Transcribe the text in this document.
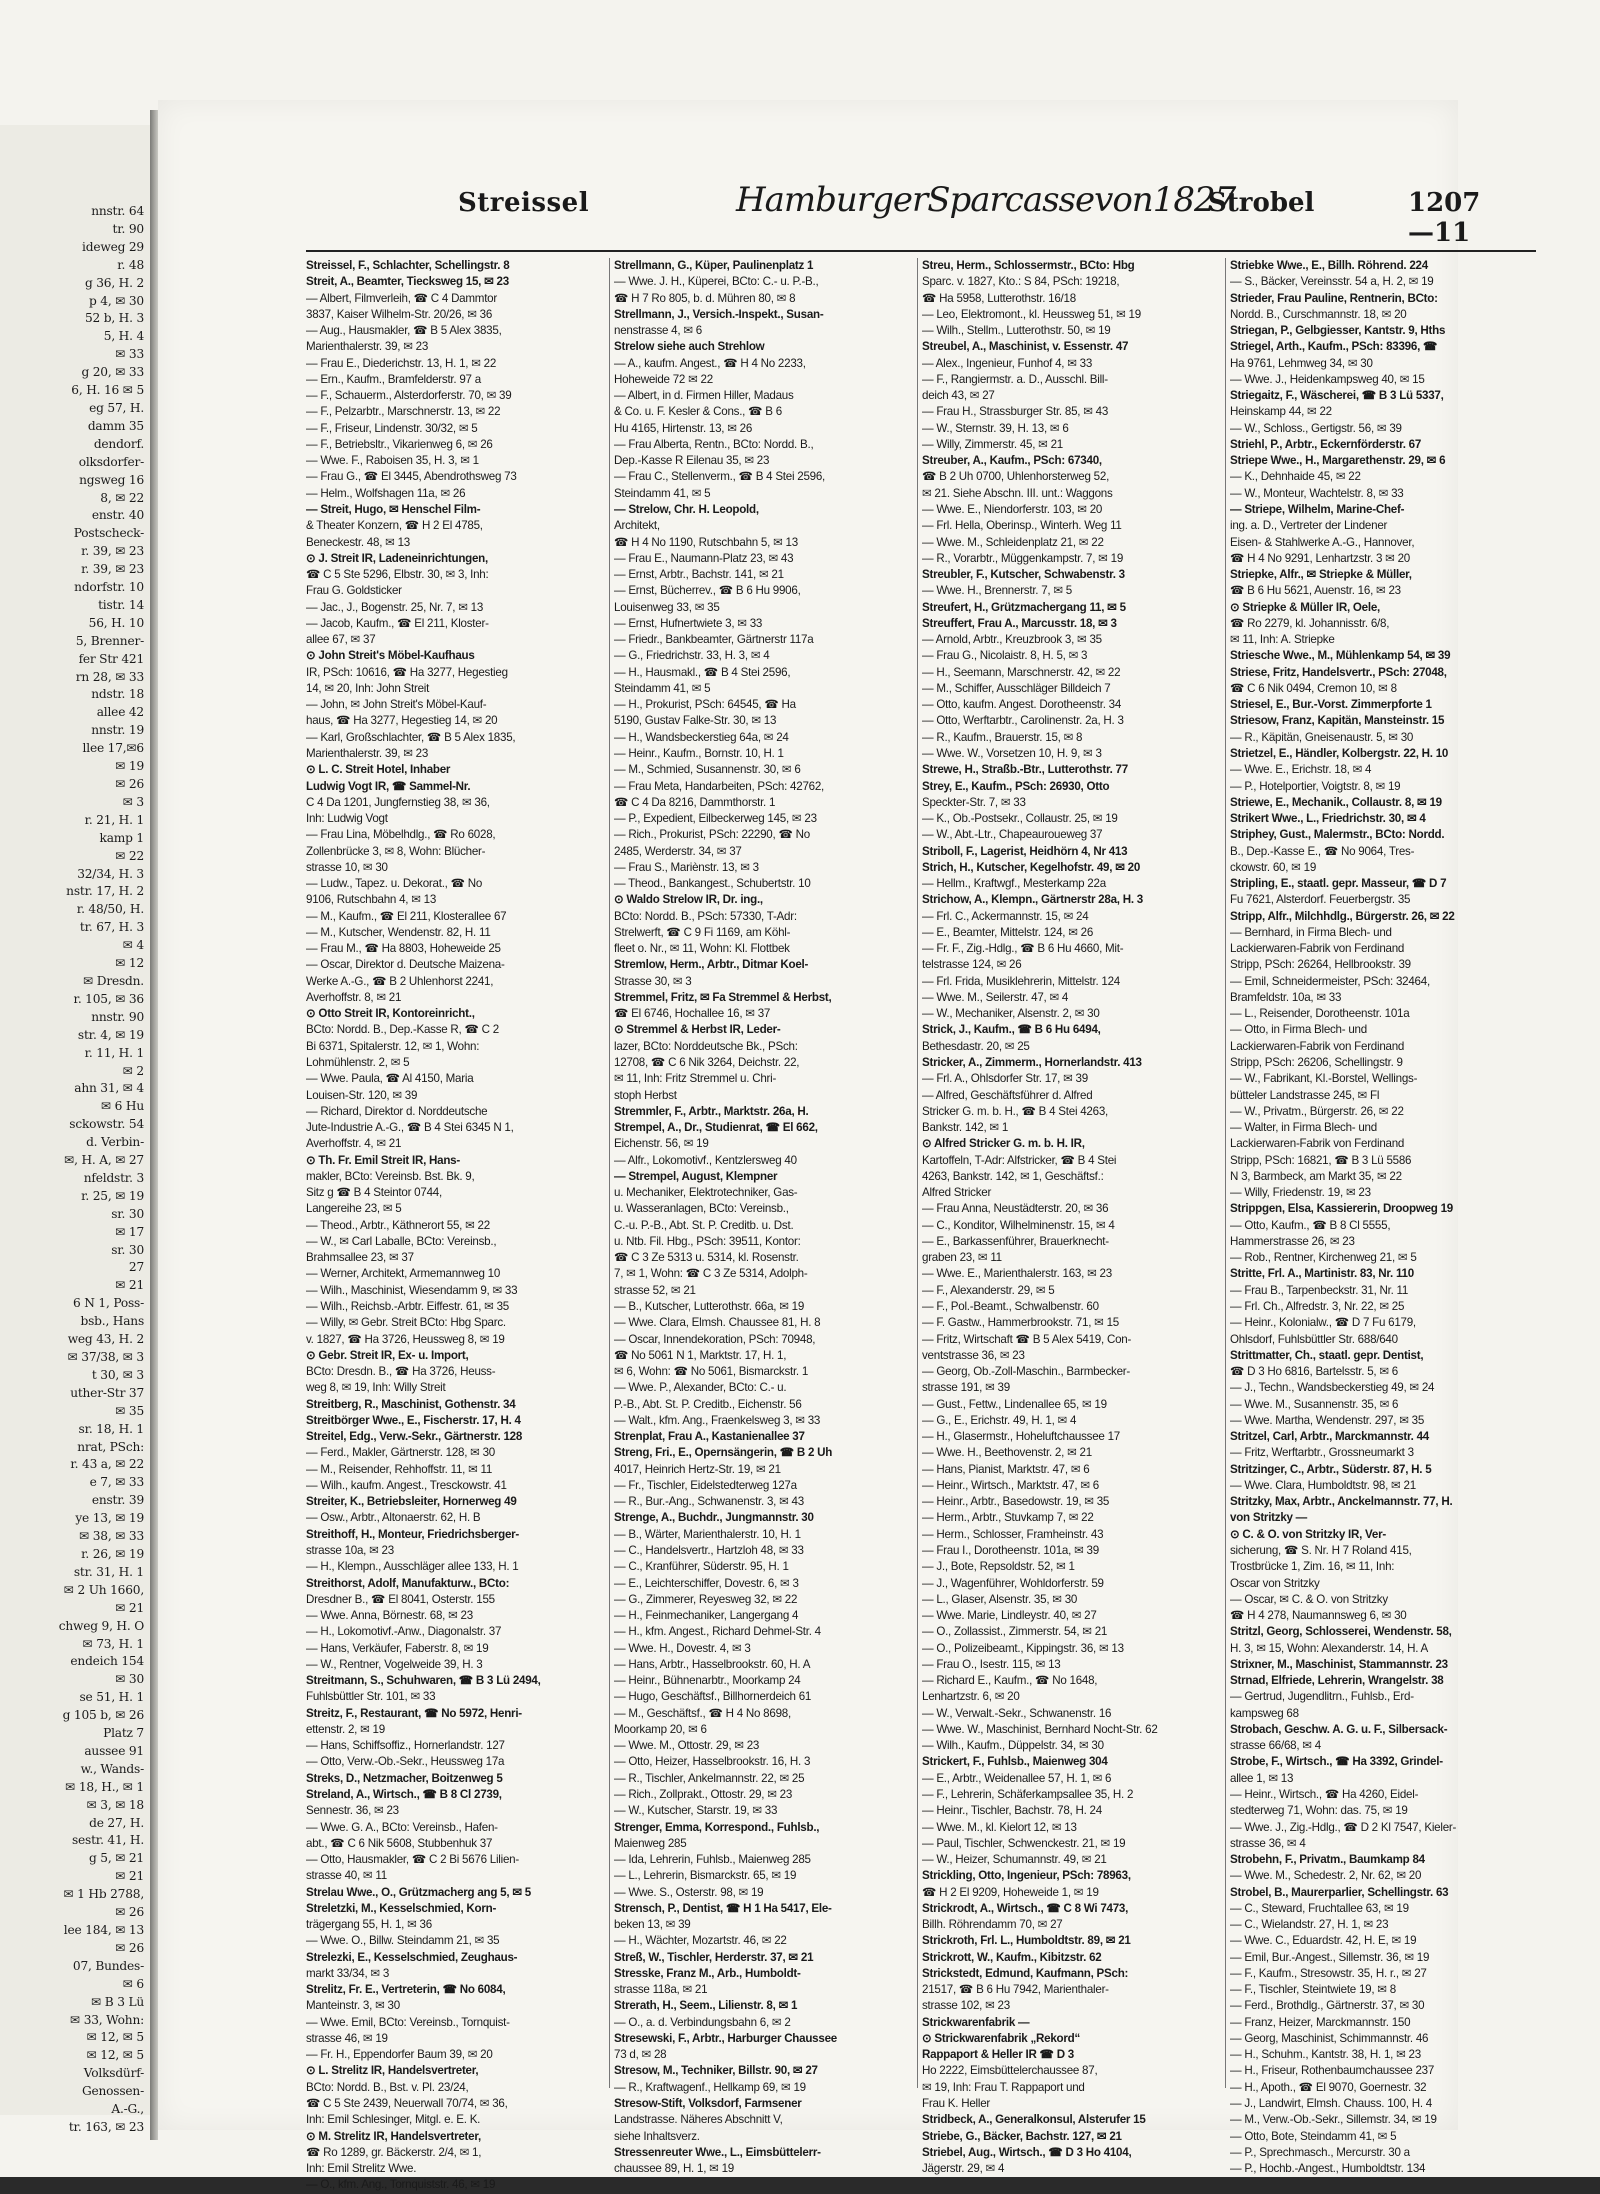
nnstr. 64
tr. 90
ideweg 29
r. 48
g 36, H. 2
p 4, ✉ 30
52 b, H. 3
5, H. 4
✉ 33
g 20, ✉ 33
6, H. 16 ✉ 5
eg 57, H.
damm 35
dendorf.
olksdorfer-
ngsweg 16
8, ✉ 22
enstr. 40
Postscheck-
r. 39, ✉ 23
r. 39, ✉ 23
ndorfstr. 10
tistr. 14
56, H. 10
5, Brenner-
fer Str 421
rn 28, ✉ 33
ndstr. 18
allee 42
nnstr. 19
llee 17,✉6
✉ 19
✉ 26
✉ 3
r. 21, H. 1
kamp 1
✉ 22
32/34, H. 3
nstr. 17, H. 2
r. 48/50, H.
tr. 67, H. 3
✉ 4
✉ 12
✉ Dresdn.
r. 105, ✉ 36
nnstr. 90
str. 4, ✉ 19
r. 11, H. 1
✉ 2
ahn 31, ✉ 4
✉ 6 Hu
sckowstr. 54
d. Verbin-
✉, H. A, ✉ 27
nfeldstr. 3
r. 25, ✉ 19
sr. 30
✉ 17
sr. 30
27
✉ 21
6 N 1, Poss-
bsb., Hans
weg 43, H. 2
✉ 37/38, ✉ 3
t 30, ✉ 3
uther-Str 37
✉ 35
sr. 18, H. 1
nrat, PSch:
r. 43 a, ✉ 22
e 7, ✉ 33
enstr. 39
ye 13, ✉ 19
✉ 38, ✉ 33
r. 26, ✉ 19
str. 31, H. 1
✉ 2 Uh 1660,
✉ 21
chweg 9, H. O
✉ 73, H. 1
endeich 154
✉ 30
se 51, H. 1
g 105 b, ✉ 26
Platz 7
aussee 91
w., Wands-
✉ 18, H., ✉ 1
✉ 3, ✉ 18
de 27, H.
sestr. 41, H.
g 5, ✉ 21
✉ 21
✉ 1 Hb 2788,
✉ 26
lee 184, ✉ 13
✉ 26
07, Bundes-
✉ 6
✉ B 3 Lü
✉ 33, Wohn:
✉ 12, ✉ 5
✉ 12, ✉ 5
Volksdürf-
Genossen-
A.-G.,
tr. 163, ✉ 23
Streissel	HamburgerSparcassevon1827
Strobel	1207—11
Streissel, F., Schlachter, Schellingstr. 8
Streit, A., Beamter, Tiecksweg 15, ✉ 23
— Albert, Filmverleih, ☎ C 4 Dammtor
3837, Kaiser Wilhelm-Str. 20/26, ✉ 36
— Aug., Hausmakler, ☎ B 5 Alex 3835,
Marienthalerstr. 39, ✉ 23
— Frau E., Diederichstr. 13, H. 1, ✉ 22
— Ern., Kaufm., Bramfelderstr. 97 a
— F., Schauerm., Alsterdorferstr. 70, ✉ 39
— F., Pelzarbtr., Marschnerstr. 13, ✉ 22
— F., Friseur, Lindenstr. 30/32, ✉ 5
— F., Betriebsltr., Vikarienweg 6, ✉ 26
— Wwe. F., Raboisen 35, H. 3, ✉ 1
— Frau G., ☎ El 3445, Abendrothsweg 73
— Helm., Wolfshagen 11a, ✉ 26
— Streit, Hugo, ✉ Henschel Film-
& Theater Konzern, ☎ H 2 El 4785,
Beneckestr. 48, ✉ 13
⊙ J. Streit IR, Ladeneinrichtungen,
☎ C 5 Ste 5296, Elbstr. 30, ✉ 3, Inh:
Frau G. Goldsticker
— Jac., J., Bogenstr. 25, Nr. 7, ✉ 13
— Jacob, Kaufm., ☎ El 211, Kloster-
allee 67, ✉ 37
⊙ John Streit's Möbel-Kaufhaus
IR, PSch: 10616, ☎ Ha 3277, Hegestieg
14, ✉ 20, Inh: John Streit
— John, ✉ John Streit's Möbel-Kauf-
haus, ☎ Ha 3277, Hegestieg 14, ✉ 20
— Karl, Großschlachter, ☎ B 5 Alex 1835,
Marienthalerstr. 39, ✉ 23
⊙ L. C. Streit Hotel, Inhaber
Ludwig Vogt IR, ☎ Sammel-Nr.
C 4 Da 1201, Jungfernstieg 38, ✉ 36,
Inh: Ludwig Vogt
— Frau Lina, Möbelhdlg., ☎ Ro 6028,
Zollenbrücke 3, ✉ 8, Wohn: Blücher-
strasse 10, ✉ 30
— Ludw., Tapez. u. Dekorat., ☎ No
9106, Rutschbahn 4, ✉ 13
— M., Kaufm., ☎ El 211, Klosterallee 67
— M., Kutscher, Wendenstr. 82, H. 11
— Frau M., ☎ Ha 8803, Hoheweide 25
— Oscar, Direktor d. Deutsche Maizena-
Werke A.-G., ☎ B 2 Uhlenhorst 2241,
Averhoffstr. 8, ✉ 21
⊙ Otto Streit IR, Kontoreinricht.,
BCto: Nordd. B., Dep.-Kasse R, ☎ C 2
Bi 6371, Spitalerstr. 12, ✉ 1, Wohn:
Lohmühlenstr. 2, ✉ 5
— Wwe. Paula, ☎ Al 4150, Maria
Louisen-Str. 120, ✉ 39
— Richard, Direktor d. Norddeutsche
Jute-Industrie A.-G., ☎ B 4 Stei 6345 N 1,
Averhoffstr. 4, ✉ 21
⊙ Th. Fr. Emil Streit IR, Hans-
makler, BCto: Vereinsb. Bst. Bk. 9,
Sitz g ☎ B 4 Steintor 0744,
Langereihe 23, ✉ 5
— Theod., Arbtr., Käthnerort 55, ✉ 22
— W., ✉ Carl Laballe, BCto: Vereinsb.,
Brahmsallee 23, ✉ 37
— Werner, Architekt, Armemannweg 10
— Wilh., Maschinist, Wiesendamm 9, ✉ 33
— Wilh., Reichsb.-Arbtr. Eiffestr. 61, ✉ 35
— Willy, ✉ Gebr. Streit BCto: Hbg Sparc.
v. 1827, ☎ Ha 3726, Heussweg 8, ✉ 19
⊙ Gebr. Streit IR, Ex- u. Import,
BCto: Dresdn. B., ☎ Ha 3726, Heuss-
weg 8, ✉ 19, Inh: Willy Streit
Streitberg, R., Maschinist, Gothenstr. 34
Streitbörger Wwe., E., Fischerstr. 17, H. 4
Streitel, Edg., Verw.-Sekr., Gärtnerstr. 128
— Ferd., Makler, Gärtnerstr. 128, ✉ 30
— M., Reisender, Rehhoffstr. 11, ✉ 11
— Wilh., kaufm. Angest., Tresckowstr. 41
Streiter, K., Betriebsleiter, Hornerweg 49
— Osw., Arbtr., Altonaerstr. 62, H. B
Streithoff, H., Monteur, Friedrichsberger-
strasse 10a, ✉ 23
— H., Klempn., Ausschläger allee 133, H. 1
Streithorst, Adolf, Manufakturw., BCto:
Dresdner B., ☎ El 8041, Osterstr. 155
— Wwe. Anna, Börnestr. 68, ✉ 23
— H., Lokomotivf.-Anw., Diagonalstr. 37
— Hans, Verkäufer, Faberstr. 8, ✉ 19
— W., Rentner, Vogelweide 39, H. 3
Streitmann, S., Schuhwaren, ☎ B 3 Lü 2494,
Fuhlsbüttler Str. 101, ✉ 33
Streitz, F., Restaurant, ☎ No 5972, Henri-
ettenstr. 2, ✉ 19
— Hans, Schiffsoffiz., Hornerlandstr. 127
— Otto, Verw.-Ob.-Sekr., Heussweg 17a
Streks, D., Netzmacher, Boitzenweg 5
Streland, A., Wirtsch., ☎ B 8 Cl 2739,
Sennestr. 36, ✉ 23
— Wwe. G. A., BCto: Vereinsb., Hafen-
abt., ☎ C 6 Nik 5608, Stubbenhuk 37
— Otto, Hausmakler, ☎ C 2 Bi 5676 Lilien-
strasse 40, ✉ 11
Strelau Wwe., O., Grützmacherg ang 5, ✉ 5
Streletzki, M., Kesselschmied, Korn-
trägergang 55, H. 1, ✉ 36
— Wwe. O., Billw. Steindamm 21, ✉ 35
Strelezki, E., Kesselschmied, Zeughaus-
markt 33/34, ✉ 3
Strelitz, Fr. E., Vertreterin, ☎ No 6084,
Manteinstr. 3, ✉ 30
— Wwe. Emil, BCto: Vereinsb., Tornquist-
strasse 46, ✉ 19
— Fr. H., Eppendorfer Baum 39, ✉ 20
⊙ L. Strelitz IR, Handelsvertreter,
BCto: Nordd. B., Bst. v. Pl. 23/24,
☎ C 5 Ste 2439, Neuerwall 70/74, ✉ 36,
Inh: Emil Schlesinger, Mitgl. e. E. K.
⊙ M. Strelitz IR, Handelsvertreter,
☎ Ro 1289, gr. Bäckerstr. 2/4, ✉ 1,
Inh: Emil Strelitz Wwe.
— O., kfm. Ang., Tornquiststr. 46, ✉ 19
Strellmann, G., Küper, Paulinenplatz 1
— Wwe. J. H., Küperei, BCto: C.- u. P.-B.,
☎ H 7 Ro 805, b. d. Mühren 80, ✉ 8
Strellmann, J., Versich.-Inspekt., Susan-
nenstrasse 4, ✉ 6
Strelow siehe auch Strehlow
— A., kaufm. Angest., ☎ H 4 No 2233,
Hoheweide 72 ✉ 22
— Albert, in d. Firmen Hiller, Madaus
& Co. u. F. Kesler & Cons., ☎ B 6
Hu 4165, Hirtenstr. 13, ✉ 26
— Frau Alberta, Rentn., BCto: Nordd. B.,
Dep.-Kasse R Eilenau 35, ✉ 23
— Frau C., Stellenverm., ☎ B 4 Stei 2596,
Steindamm 41, ✉ 5
— Strelow, Chr. H. Leopold,
Architekt,
☎ H 4 No 1190, Rutschbahn 5, ✉ 13
— Frau E., Naumann-Platz 23, ✉ 43
— Ernst, Arbtr., Bachstr. 141, ✉ 21
— Ernst, Bücherrev., ☎ B 6 Hu 9906,
Louisenweg 33, ✉ 35
— Ernst, Hufnertwiete 3, ✉ 33
— Friedr., Bankbeamter, Gärtnerstr 117a
— G., Friedrichstr. 33, H. 3, ✉ 4
— H., Hausmakl., ☎ B 4 Stei 2596,
Steindamm 41, ✉ 5
— H., Prokurist, PSch: 64545, ☎ Ha
5190, Gustav Falke-Str. 30, ✉ 13
— H., Wandsbeckerstieg 64a, ✉ 24
— Heinr., Kaufm., Bornstr. 10, H. 1
— M., Schmied, Susannenstr. 30, ✉ 6
— Frau Meta, Handarbeiten, PSch: 42762,
☎ C 4 Da 8216, Dammthorstr. 1
— P., Expedient, Eilbeckerweg 145, ✉ 23
— Rich., Prokurist, PSch: 22290, ☎ No
2485, Werderstr. 34, ✉ 37
— Frau S., Mariènstr. 13, ✉ 3
— Theod., Bankangest., Schubertstr. 10
⊙ Waldo Strelow IR, Dr. ing.,
BCto: Nordd. B., PSch: 57330, T-Adr:
Strelwerft, ☎ C 9 Fi 1169, am Köhl-
fleet o. Nr., ✉ 11, Wohn: Kl. Flottbek
Stremlow, Herm., Arbtr., Ditmar Koel-
Strasse 30, ✉ 3
Stremmel, Fritz, ✉ Fa Stremmel & Herbst,
☎ El 6746, Hochallee 16, ✉ 37
⊙ Stremmel & Herbst IR, Leder-
lazer, BCto: Norddeutsche Bk., PSch:
12708, ☎ C 6 Nik 3264, Deichstr. 22,
✉ 11, Inh: Fritz Stremmel u. Chri-
stoph Herbst
Stremmler, F., Arbtr., Marktstr. 26a, H.
Strempel, A., Dr., Studienrat, ☎ El 662,
Eichenstr. 56, ✉ 19
— Alfr., Lokomotivf., Kentzlersweg 40
— Strempel, August, Klempner
u. Mechaniker, Elektrotechniker, Gas-
u. Wasseranlagen, BCto: Vereinsb.,
C.-u. P.-B., Abt. St. P. Creditb. u. Dst.
u. Ntb. Fil. Hbg., PSch: 39511, Kontor:
☎ C 3 Ze 5313 u. 5314, kl. Rosenstr.
7, ✉ 1, Wohn: ☎ C 3 Ze 5314, Adolph-
strasse 52, ✉ 21
— B., Kutscher, Lutterothstr. 66a, ✉ 19
— Wwe. Clara, Elmsh. Chaussee 81, H. 8
— Oscar, Innendekoration, PSch: 70948,
☎ No 5061 N 1, Marktstr. 17, H. 1,
✉ 6, Wohn: ☎ No 5061, Bismarckstr. 1
— Wwe. P., Alexander, BCto: C.- u.
P.-B., Abt. St. P. Creditb., Eichenstr. 56
— Walt., kfm. Ang., Fraenkelsweg 3, ✉ 33
Strenplat, Frau A., Kastanienallee 37
Streng, Fri., E., Opernsängerin, ☎ B 2 Uh
4017, Heinrich Hertz-Str. 19, ✉ 21
— Fr., Tischler, Eidelstedterweg 127a
— R., Bur.-Ang., Schwanenstr. 3, ✉ 43
Strenge, A., Buchdr., Jungmannstr. 30
— B., Wärter, Marienthalerstr. 10, H. 1
— C., Handelsvertr., Hartzloh 48, ✉ 33
— C., Kranführer, Süderstr. 95, H. 1
— E., Leichterschiffer, Dovestr. 6, ✉ 3
— G., Zimmerer, Reyesweg 32, ✉ 22
— H., Feinmechaniker, Langergang 4
— H., kfm. Angest., Richard Dehmel-Str. 4
— Wwe. H., Dovestr. 4, ✉ 3
— Hans, Arbtr., Hasselbrookstr. 60, H. A
— Heinr., Bühnenarbtr., Moorkamp 24
— Hugo, Geschäftsf., Billhornerdeich 61
— M., Geschäftsf., ☎ H 4 No 8698,
Moorkamp 20, ✉ 6
— Wwe. M., Ottostr. 29, ✉ 23
— Otto, Heizer, Hasselbrookstr. 16, H. 3
— R., Tischler, Ankelmannstr. 22, ✉ 25
— Rich., Zollprakt., Ottostr. 29, ✉ 23
— W., Kutscher, Starstr. 19, ✉ 33
Strenger, Emma, Korrespond., Fuhlsb.,
Maienweg 285
— Ida, Lehrerin, Fuhlsb., Maienweg 285
— L., Lehrerin, Bismarckstr. 65, ✉ 19
— Wwe. S., Osterstr. 98, ✉ 19
Strensch, P., Dentist, ☎ H 1 Ha 5417, Ele-
beken 13, ✉ 39
— H., Wächter, Mozartstr. 46, ✉ 22
Streß, W., Tischler, Herderstr. 37, ✉ 21
Stresske, Franz M., Arb., Humboldt-
strasse 118a, ✉ 21
Strerath, H., Seem., Lilienstr. 8, ✉ 1
— O., a. d. Verbindungsbahn 6, ✉ 2
Stresewski, F., Arbtr., Harburger Chaussee
73 d, ✉ 28
Stresow, M., Techniker, Billstr. 90, ✉ 27
— R., Kraftwagenf., Hellkamp 69, ✉ 19
Stresow-Stift, Volksdorf, Farmsener
Landstrasse. Näheres Abschnitt V,
siehe Inhaltsverz.
Stressenreuter Wwe., L., Eimsbüttelerr-
chaussee 89, H. 1, ✉ 19
Streu, Herm., Schlossermstr., BCto: Hbg
Sparc. v. 1827, Kto.: S 84, PSch: 19218,
☎ Ha 5958, Lutterothstr. 16/18
— Leo, Elektromont., kl. Heussweg 51, ✉ 19
— Wilh., Stellm., Lutterothstr. 50, ✉ 19
Streubel, A., Maschinist, v. Essenstr. 47
— Alex., Ingenieur, Funhof 4, ✉ 33
— F., Rangiermstr. a. D., Ausschl. Bill-
deich 43, ✉ 27
— Frau H., Strassburger Str. 85, ✉ 43
— W., Sternstr. 39, H. 13, ✉ 6
— Willy, Zimmerstr. 45, ✉ 21
Streuber, A., Kaufm., PSch: 67340,
☎ B 2 Uh 0700, Uhlenhorsterweg 52,
✉ 21. Siehe Abschn. III. unt.: Waggons
— Wwe. E., Niendorferstr. 103, ✉ 20
— Frl. Hella, Oberinsp., Winterh. Weg 11
— Wwe. M., Schleidenplatz 21, ✉ 22
— R., Vorarbtr., Müggenkampstr. 7, ✉ 19
Streubler, F., Kutscher, Schwabenstr. 3
— Wwe. H., Brennerstr. 7, ✉ 5
Streufert, H., Grützmachergang 11, ✉ 5
Streuffert, Frau A., Marcusstr. 18, ✉ 3
— Arnold, Arbtr., Kreuzbrook 3, ✉ 35
— Frau G., Nicolaistr. 8, H. 5, ✉ 3
— H., Seemann, Marschnerstr. 42, ✉ 22
— M., Schiffer, Ausschläger Billdeich 7
— Otto, kaufm. Angest. Dorotheenstr. 34
— Otto, Werftarbtr., Carolinenstr. 2a, H. 3
— R., Kaufm., Brauerstr. 15, ✉ 8
— Wwe. W., Vorsetzen 10, H. 9, ✉ 3
Strewe, H., Straßb.-Btr., Lutterothstr. 77
Strey, E., Kaufm., PSch: 26930, Otto
Speckter-Str. 7, ✉ 33
— K., Ob.-Postsekr., Collaustr. 25, ✉ 19
— W., Abt.-Ltr., Chapeauroueweg 37
Striboll, F., Lagerist, Heidhörn 4, Nr 413
Strich, H., Kutscher, Kegelhofstr. 49, ✉ 20
— Hellm., Kraftwgf., Mesterkamp 22a
Strichow, A., Klempn., Gärtnerstr 28a, H. 3
— Frl. C., Ackermannstr. 15, ✉ 24
— E., Beamter, Mittelstr. 124, ✉ 26
— Fr. F., Zig.-Hdlg., ☎ B 6 Hu 4660, Mit-
telstrasse 124, ✉ 26
— Frl. Frida, Musiklehrerin, Mittelstr. 124
— Wwe. M., Seilerstr. 47, ✉ 4
— W., Mechaniker, Alsenstr. 2, ✉ 30
Strick, J., Kaufm., ☎ B 6 Hu 6494,
Bethesdastr. 20, ✉ 25
Stricker, A., Zimmerm., Hornerlandstr. 413
— Frl. A., Ohlsdorfer Str. 17, ✉ 39
— Alfred, Geschäftsführer d. Alfred
Stricker G. m. b. H., ☎ B 4 Stei 4263,
Bankstr. 142, ✉ 1
⊙ Alfred Stricker G. m. b. H. IR,
Kartoffeln, T-Adr: Alfstricker, ☎ B 4 Stei
4263, Bankstr. 142, ✉ 1, Geschäftsf.:
Alfred Stricker
— Frau Anna, Neustädterstr. 20, ✉ 36
— C., Konditor, Wilhelminenstr. 15, ✉ 4
— E., Barkassenführer, Brauerknecht-
graben 23, ✉ 11
— Wwe. E., Marienthalerstr. 163, ✉ 23
— F., Alexanderstr. 29, ✉ 5
— F., Pol.-Beamt., Schwalbenstr. 60
— F. Gastw., Hammerbrookstr. 71, ✉ 15
— Fritz, Wirtschaft ☎ B 5 Alex 5419, Con-
ventstrasse 36, ✉ 23
— Georg, Ob.-Zoll-Maschin., Barmbecker-
strasse 191, ✉ 39
— Gust., Fettw., Lindenallee 65, ✉ 19
— G., E., Erichstr. 49, H. 1, ✉ 4
— H., Glasermstr., Hoheluftchaussee 17
— Wwe. H., Beethovenstr. 2, ✉ 21
— Hans, Pianist, Marktstr. 47, ✉ 6
— Heinr., Wirtsch., Marktstr. 47, ✉ 6
— Heinr., Arbtr., Basedowstr. 19, ✉ 35
— Herm., Arbtr., Stuvkamp 7, ✉ 22
— Herm., Schlosser, Framheinstr. 43
— Frau I., Dorotheenstr. 101a, ✉ 39
— J., Bote, Repsoldstr. 52, ✉ 1
— J., Wagenführer, Wohldorferstr. 59
— L., Glaser, Alsenstr. 35, ✉ 30
— Wwe. Marie, Lindleystr. 40, ✉ 27
— O., Zollassist., Zimmerstr. 54, ✉ 21
— O., Polizeibeamt., Kippingstr. 36, ✉ 13
— Frau O., Isestr. 115, ✉ 13
— Richard E., Kaufm., ☎ No 1648,
Lenhartzstr. 6, ✉ 20
— W., Verwalt.-Sekr., Schwanenstr. 16
— Wwe. W., Maschinist, Bernhard Nocht-Str. 62
— Wilh., Kaufm., Düppelstr. 34, ✉ 30
Strickert, F., Fuhlsb., Maienweg 304
— E., Arbtr., Weidenallee 57, H. 1, ✉ 6
— F., Lehrerin, Schäferkampsallee 35, H. 2
— Heinr., Tischler, Bachstr. 78, H. 24
— Wwe. M., kl. Kielort 12, ✉ 13
— Paul, Tischler, Schwenckestr. 21, ✉ 19
— W., Heizer, Schumannstr. 49, ✉ 21
Strickling, Otto, Ingenieur, PSch: 78963,
☎ H 2 El 9209, Hoheweide 1, ✉ 19
Strickrodt, A., Wirtsch., ☎ C 8 Wi 7473,
Billh. Röhrendamm 70, ✉ 27
Strickroth, Frl. L., Humboldtstr. 89, ✉ 21
Strickrott, W., Kaufm., Kibitzstr. 62
Strickstedt, Edmund, Kaufmann, PSch:
21517, ☎ B 6 Hu 7942, Marienthaler-
strasse 102, ✉ 23
Strickwarenfabrik —
⊙ Strickwarenfabrik „Rekord“
Rappaport & Heller IR ☎ D 3
Ho 2222, Eimsbüttelerchaussee 87,
✉ 19, Inh: Frau T. Rappaport und
Frau K. Heller
Stridbeck, A., Generalkonsul, Alsterufer 15
Striebe, G., Bäcker, Bachstr. 127, ✉ 21
Striebel, Aug., Wirtsch., ☎ D 3 Ho 4104,
Jägerstr. 29, ✉ 4
Striebke Wwe., E., Billh. Röhrend. 224
— S., Bäcker, Vereinsstr. 54 a, H. 2, ✉ 19
Strieder, Frau Pauline, Rentnerin, BCto:
Nordd. B., Curschmannstr. 18, ✉ 20
Striegan, P., Gelbgiesser, Kantstr. 9, Hths
Striegel, Arth., Kaufm., PSch: 83396, ☎
Ha 9761, Lehmweg 34, ✉ 30
— Wwe. J., Heidenkampsweg 40, ✉ 15
Striegaitz, F., Wäscherei, ☎ B 3 Lü 5337,
Heinskamp 44, ✉ 22
— W., Schloss., Gertigstr. 56, ✉ 39
Striehl, P., Arbtr., Eckernförderstr. 67
Striepe Wwe., H., Margarethenstr. 29, ✉ 6
— K., Dehnhaide 45, ✉ 22
— W., Monteur, Wachtelstr. 8, ✉ 33
— Striepe, Wilhelm, Marine-Chef-
ing. a. D., Vertreter der Lindener
Eisen- & Stahlwerke A.-G., Hannover,
☎ H 4 No 9291, Lenhartzstr. 3 ✉ 20
Striepke, Alfr., ✉ Striepke & Müller,
☎ B 6 Hu 5621, Auenstr. 16, ✉ 23
⊙ Striepke & Müller IR, Oele,
☎ Ro 2279, kl. Johannisstr. 6/8,
✉ 11, Inh: A. Striepke
Striesche Wwe., M., Mühlenkamp 54, ✉ 39
Striese, Fritz, Handelsvertr., PSch: 27048,
☎ C 6 Nik 0494, Cremon 10, ✉ 8
Striesel, E., Bur.-Vorst. Zimmerpforte 1
Striesow, Franz, Kapitän, Mansteinstr. 15
— R., Käpitän, Gneisenaustr. 5, ✉ 30
Strietzel, E., Händler, Kolbergstr. 22, H. 10
— Wwe. E., Erichstr. 18, ✉ 4
— P., Hotelportier, Voigtstr. 8, ✉ 19
Striewe, E., Mechanik., Collaustr. 8, ✉ 19
Strikert Wwe., L., Friedrichstr. 30, ✉ 4
Striphey, Gust., Malermstr., BCto: Nordd.
B., Dep.-Kasse E., ☎ No 9064, Tres-
ckowstr. 60, ✉ 19
Stripling, E., staatl. gepr. Masseur, ☎ D 7
Fu 7621, Alsterdorf. Feuerbergstr. 35
Stripp, Alfr., Milchhdlg., Bürgerstr. 26, ✉ 22
— Bernhard, in Firma Blech- und
Lackierwaren-Fabrik von Ferdinand
Stripp, PSch: 26264, Hellbrookstr. 39
— Emil, Schneidermeister, PSch: 32464,
Bramfeldstr. 10a, ✉ 33
— L., Reisender, Dorotheenstr. 101a
— Otto, in Firma Blech- und
Lackierwaren-Fabrik von Ferdinand
Stripp, PSch: 26206, Schellingstr. 9
— W., Fabrikant, Kl.-Borstel, Wellings-
bütteler Landstrasse 245, ✉ Fl
— W., Privatm., Bürgerstr. 26, ✉ 22
— Walter, in Firma Blech- und
Lackierwaren-Fabrik von Ferdinand
Stripp, PSch: 16821, ☎ B 3 Lü 5586
N 3, Barmbeck, am Markt 35, ✉ 22
— Willy, Friedenstr. 19, ✉ 23
Strippgen, Elsa, Kassiererin, Droopweg 19
— Otto, Kaufm., ☎ B 8 Cl 5555,
Hammerstrasse 26, ✉ 23
— Rob., Rentner, Kirchenweg 21, ✉ 5
Stritte, Frl. A., Martinistr. 83, Nr. 110
— Frau B., Tarpenbeckstr. 31, Nr. 11
— Frl. Ch., Alfredstr. 3, Nr. 22, ✉ 25
— Heinr., Kolonialw., ☎ D 7 Fu 6179,
Ohlsdorf, Fuhlsbüttler Str. 688/640
Strittmatter, Ch., staatl. gepr. Dentist,
☎ D 3 Ho 6816, Bartelsstr. 5, ✉ 6
— J., Techn., Wandsbeckerstieg 49, ✉ 24
— Wwe. M., Susannenstr. 35, ✉ 6
— Wwe. Martha, Wendenstr. 297, ✉ 35
Stritzel, Carl, Arbtr., Marckmannstr. 44
— Fritz, Werftarbtr., Grossneumarkt 3
Stritzinger, C., Arbtr., Süderstr. 87, H. 5
— Wwe. Clara, Humboldtstr. 98, ✉ 21
Stritzky, Max, Arbtr., Anckelmannstr. 77, H.
von Stritzky —
⊙ C. & O. von Stritzky IR, Ver-
sicherung, ☎ S. Nr. H 7 Roland 415,
Trostbrücke 1, Zim. 16, ✉ 11, Inh:
Oscar von Stritzky
— Oscar, ✉ C. & O. von Stritzky
☎ H 4 278, Naumannsweg 6, ✉ 30
Stritzl, Georg, Schlosserei, Wendenstr. 58,
H. 3, ✉ 15, Wohn: Alexanderstr. 14, H. A
Strixner, M., Maschinist, Stammannstr. 23
Strnad, Elfriede, Lehrerin, Wrangelstr. 38
— Gertrud, Jugendlitrn., Fuhlsb., Erd-
kampsweg 68
Strobach, Geschw. A. G. u. F., Silbersack-
strasse 66/68, ✉ 4
Strobe, F., Wirtsch., ☎ Ha 3392, Grindel-
allee 1, ✉ 13
— Heinr., Wirtsch., ☎ Ha 4260, Eidel-
stedterweg 71, Wohn: das. 75, ✉ 19
— Wwe. J., Zig.-Hdlg., ☎ D 2 Kl 7547, Kieler-
strasse 36, ✉ 4
Strobehn, F., Privatm., Baumkamp 84
— Wwe. M., Schedestr. 2, Nr. 62, ✉ 20
Strobel, B., Maurerparlier, Schellingstr. 63
— C., Steward, Fruchtallee 63, ✉ 19
— C., Wielandstr. 27, H. 1, ✉ 23
— Wwe. C., Eduardstr. 42, H. E, ✉ 19
— Emil, Bur.-Angest., Sillemstr. 36, ✉ 19
— F., Kaufm., Stresowstr. 35, H. r., ✉ 27
— F., Tischler, Steintwiete 19, ✉ 8
— Ferd., Brothdlg., Gärtnerstr. 37, ✉ 30
— Franz, Heizer, Marckmannstr. 150
— Georg, Maschinist, Schimmannstr. 46
— H., Schuhm., Kantstr. 38, H. 1, ✉ 23
— H., Friseur, Rothenbaumchaussee 237
— H., Apoth., ☎ El 9070, Goernestr. 32
— J., Landwirt, Elmsh. Chauss. 100, H. 4
— M., Verw.-Ob.-Sekr., Sillemstr. 34, ✉ 19
— Otto, Bote, Steindamm 41, ✉ 5
— P., Sprechmasch., Mercurstr. 30 a
— P., Hochb.-Angest., Humboldtstr. 134
